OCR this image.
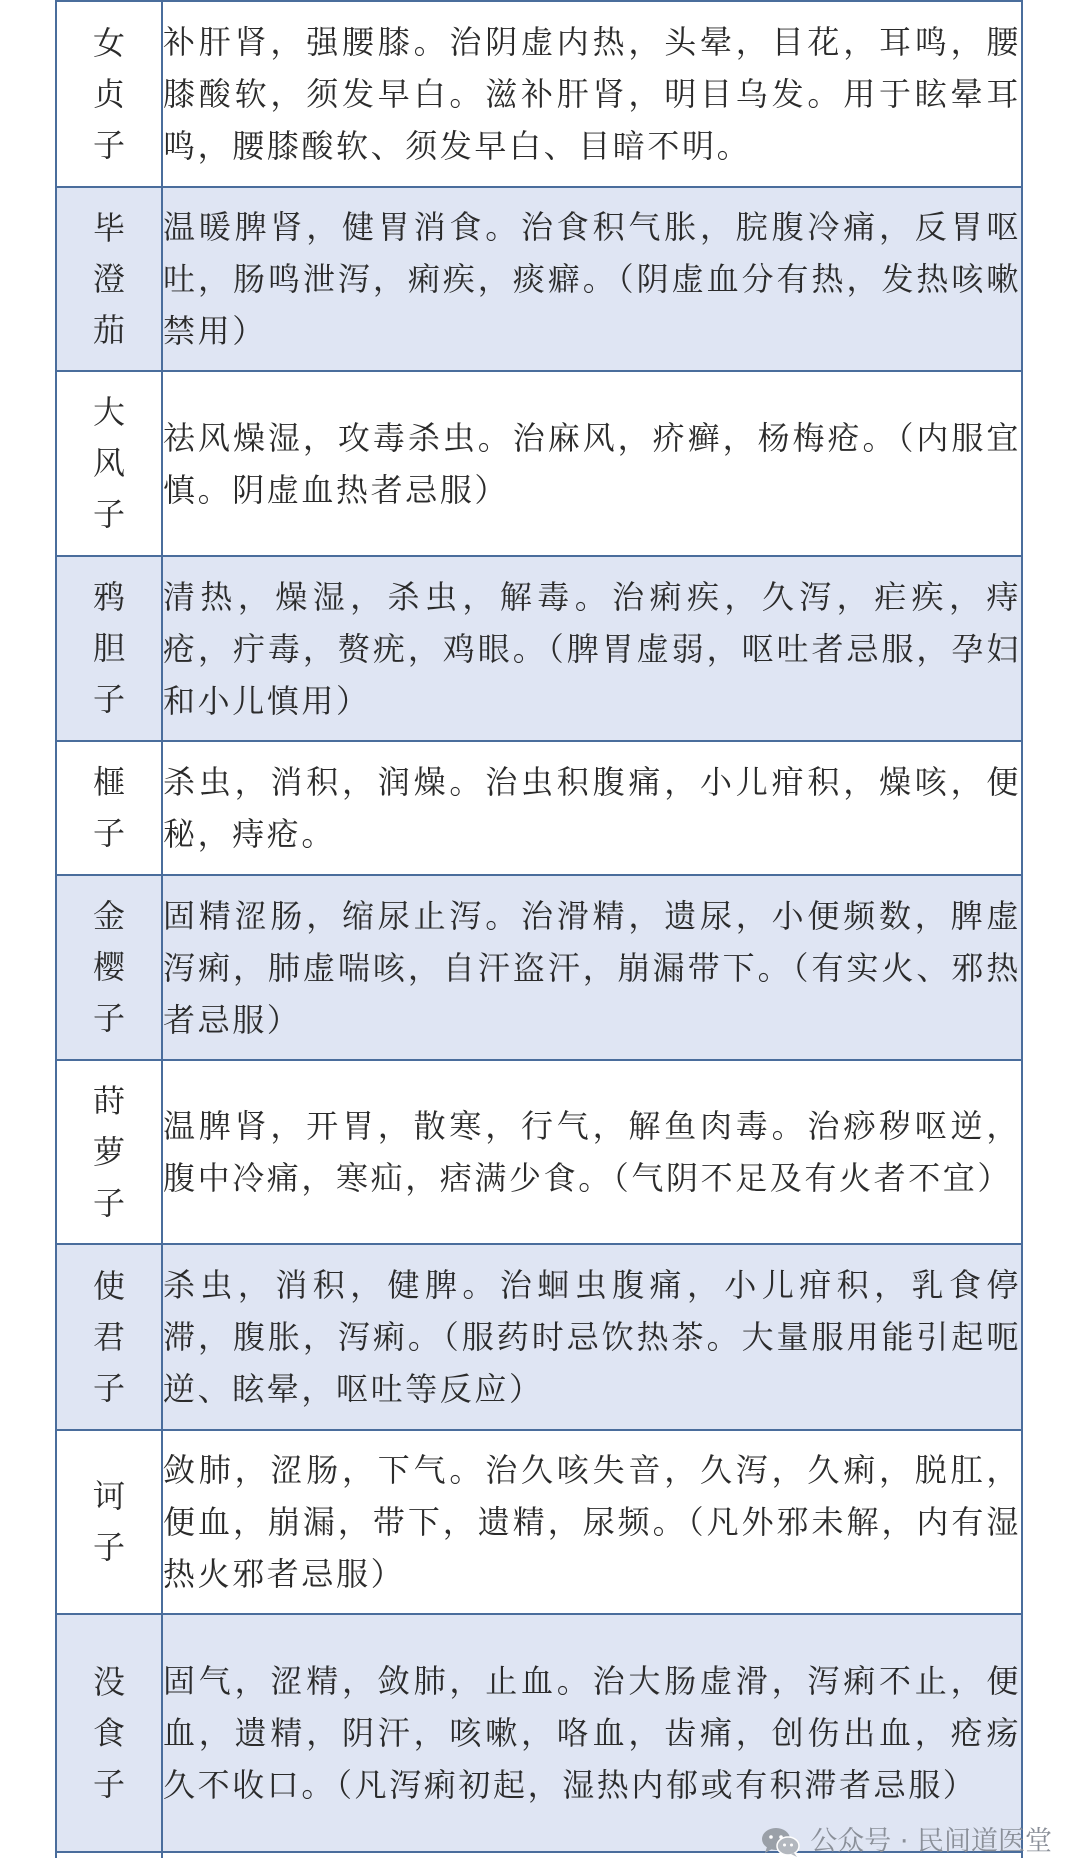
女贞子	补肝肾，强腰膝。治阴虚内热，头晕，目花，耳鸣，腰膝酸软，须发早白。滋补肝肾，明目乌发。用于眩晕耳鸣，腰膝酸软、须发早白、目暗不明。

毕澄茄	温暖脾肾，健胃消食。治食积气胀，脘腹冷痛，反胃呕吐，肠鸣泄泻，痢疾，痰癖。（阴虚血分有热，发热咳嗽禁用）

大风子	祛风燥湿，攻毒杀虫。治麻风，疥癣，杨梅疮。（内服宜慎。阴虚血热者忌服）

鸦胆子	清热，燥湿，杀虫，解毒。治痢疾，久泻，疟疾，痔疮，疔毒，赘疣，鸡眼。（脾胃虚弱，呕吐者忌服，孕妇和小儿慎用）

榧子	杀虫，消积，润燥。治虫积腹痛，小儿疳积，燥咳，便秘，痔疮。

金樱子	固精涩肠，缩尿止泻。治滑精，遗尿，小便频数，脾虚泻痢，肺虚喘咳，自汗盗汗，崩漏带下。（有实火、邪热者忌服）

莳萝子	温脾肾，开胃，散寒，行气，解鱼肉毒。治痧秽呕逆，腹中冷痛，寒疝，痞满少食。（气阴不足及有火者不宜）

使君子	杀虫，消积，健脾。治蛔虫腹痛，小儿疳积，乳食停滞，腹胀，泻痢。（服药时忌饮热茶。大量服用能引起呃逆、眩晕，呕吐等反应）

诃子	敛肺，涩肠，下气。治久咳失音，久泻，久痢，脱肛，便血，崩漏，带下，遗精，尿频。（凡外邪未解，内有湿热火邪者忌服）

没食子	固气，涩精，敛肺，止血。治大肠虚滑，泻痢不止，便血，遗精，阴汗，咳嗽，咯血，齿痛，创伤出血，疮疡久不收口。（凡泻痢初起，湿热内郁或有积滞者忌服）

公众号 · 民间道医堂
